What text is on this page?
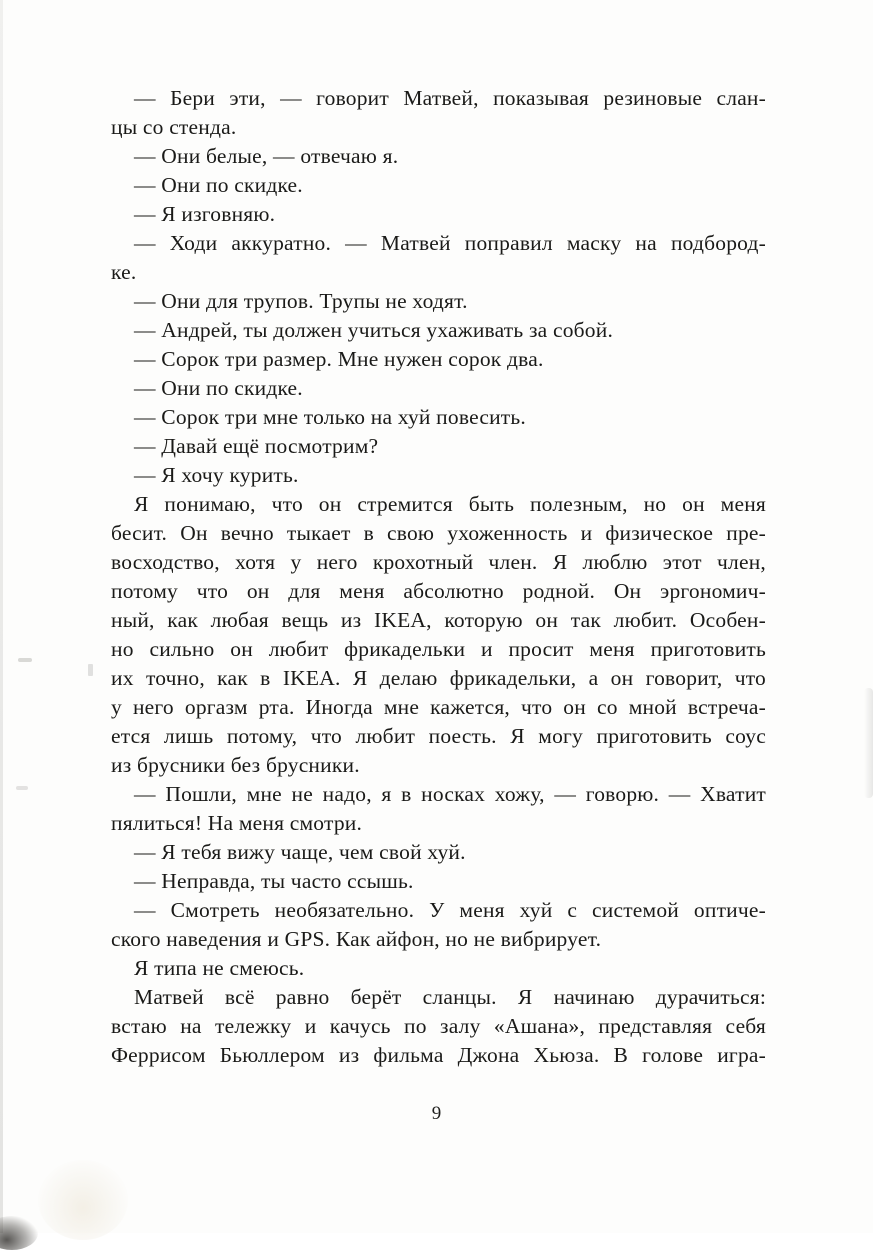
— Бери эти, — говорит Матвей, показывая резиновые слан-
цы со стенда.
— Они белые, — отвечаю я.
— Они по скидке.
— Я изговняю.
— Ходи аккуратно. — Матвей поправил маску на подбород-
ке.
— Они для трупов. Трупы не ходят.
— Андрей, ты должен учиться ухаживать за собой.
— Сорок три размер. Мне нужен сорок два.
— Они по скидке.
— Сорок три мне только на хуй повесить.
— Давай ещё посмотрим?
— Я хочу курить.
Я понимаю, что он стремится быть полезным, но он меня
бесит. Он вечно тыкает в свою ухоженность и физическое пре-
восходство, хотя у него крохотный член. Я люблю этот член,
потому что он для меня абсолютно родной. Он эргономич-
ный, как любая вещь из IKEA, которую он так любит. Особен-
но сильно он любит фрикадельки и просит меня приготовить
их точно, как в IKEA. Я делаю фрикадельки, а он говорит, что
у него оргазм рта. Иногда мне кажется, что он со мной встреча-
ется лишь потому, что любит поесть. Я могу приготовить соус
из брусники без брусники.
— Пошли, мне не надо, я в носках хожу, — говорю. — Хватит
пялиться! На меня смотри.
— Я тебя вижу чаще, чем свой хуй.
— Неправда, ты часто ссышь.
— Смотреть необязательно. У меня хуй с системой оптиче-
ского наведения и GPS. Как айфон, но не вибрирует.
Я типа не смеюсь.
Матвей всё равно берёт сланцы. Я начинаю дурачиться:
встаю на тележку и качусь по залу «Ашана», представляя себя
Феррисом Бьюллером из фильма Джона Хьюза. В голове игра-
9
